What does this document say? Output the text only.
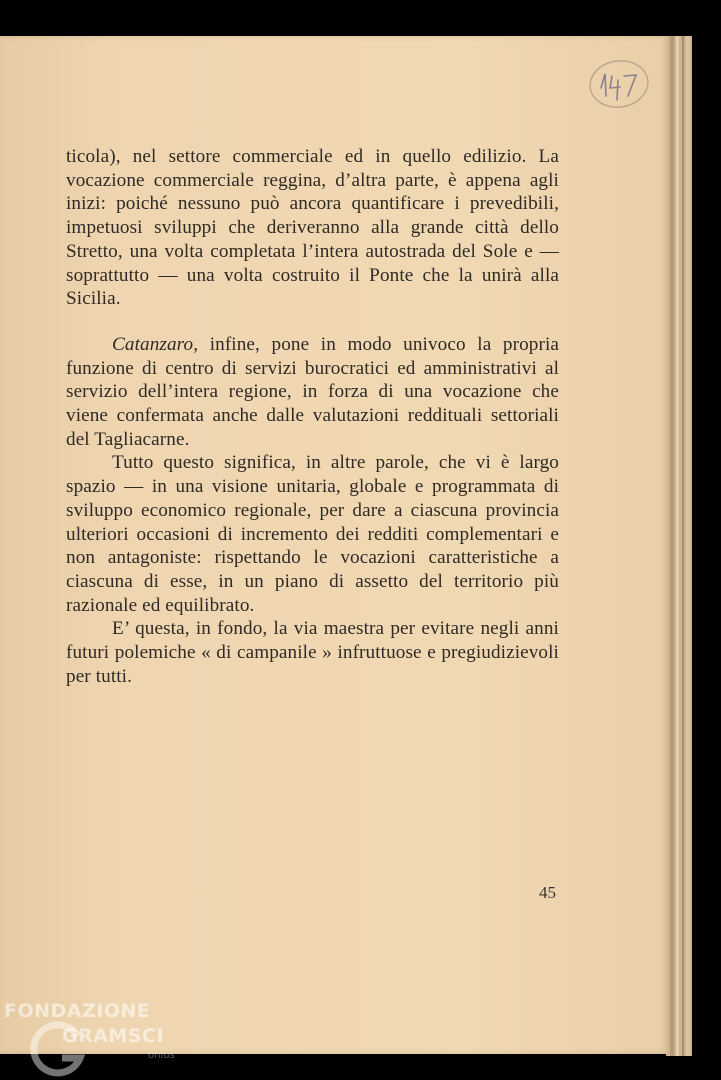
ticola), nel settore commerciale ed in quello edilizio. La vocazione commerciale reggina, d’altra parte, è appena agli inizi: poiché nessuno può ancora quantificare i prevedibili, impetuosi sviluppi che deriveranno alla grande città dello Stretto, una volta completata l’intera autostrada del Sole e — soprattutto — una volta costruito il Ponte che la unirà alla Sicilia.

Catanzaro, infine, pone in modo univoco la propria funzione di centro di servizi burocratici ed amministrativi al servizio dell’intera regione, in forza di una vocazione che viene confermata anche dalle valutazioni reddituali settoriali del Tagliacarne.

Tutto questo significa, in altre parole, che vi è largo spazio — in una visione unitaria, globale e programmata di sviluppo economico regionale, per dare a ciascuna provincia ulteriori occasioni di incremento dei redditi complementari e non antagoniste: rispettando le vocazioni caratteristiche a ciascuna di esse, in un piano di assetto del territorio più razionale ed equilibrato.

E’ questa, in fondo, la via maestra per evitare negli anni futuri polemiche « di campanile » infruttuose e pregiudizievoli per tutti.

45
FONDAZIONE
GRAMSCI
onlus
